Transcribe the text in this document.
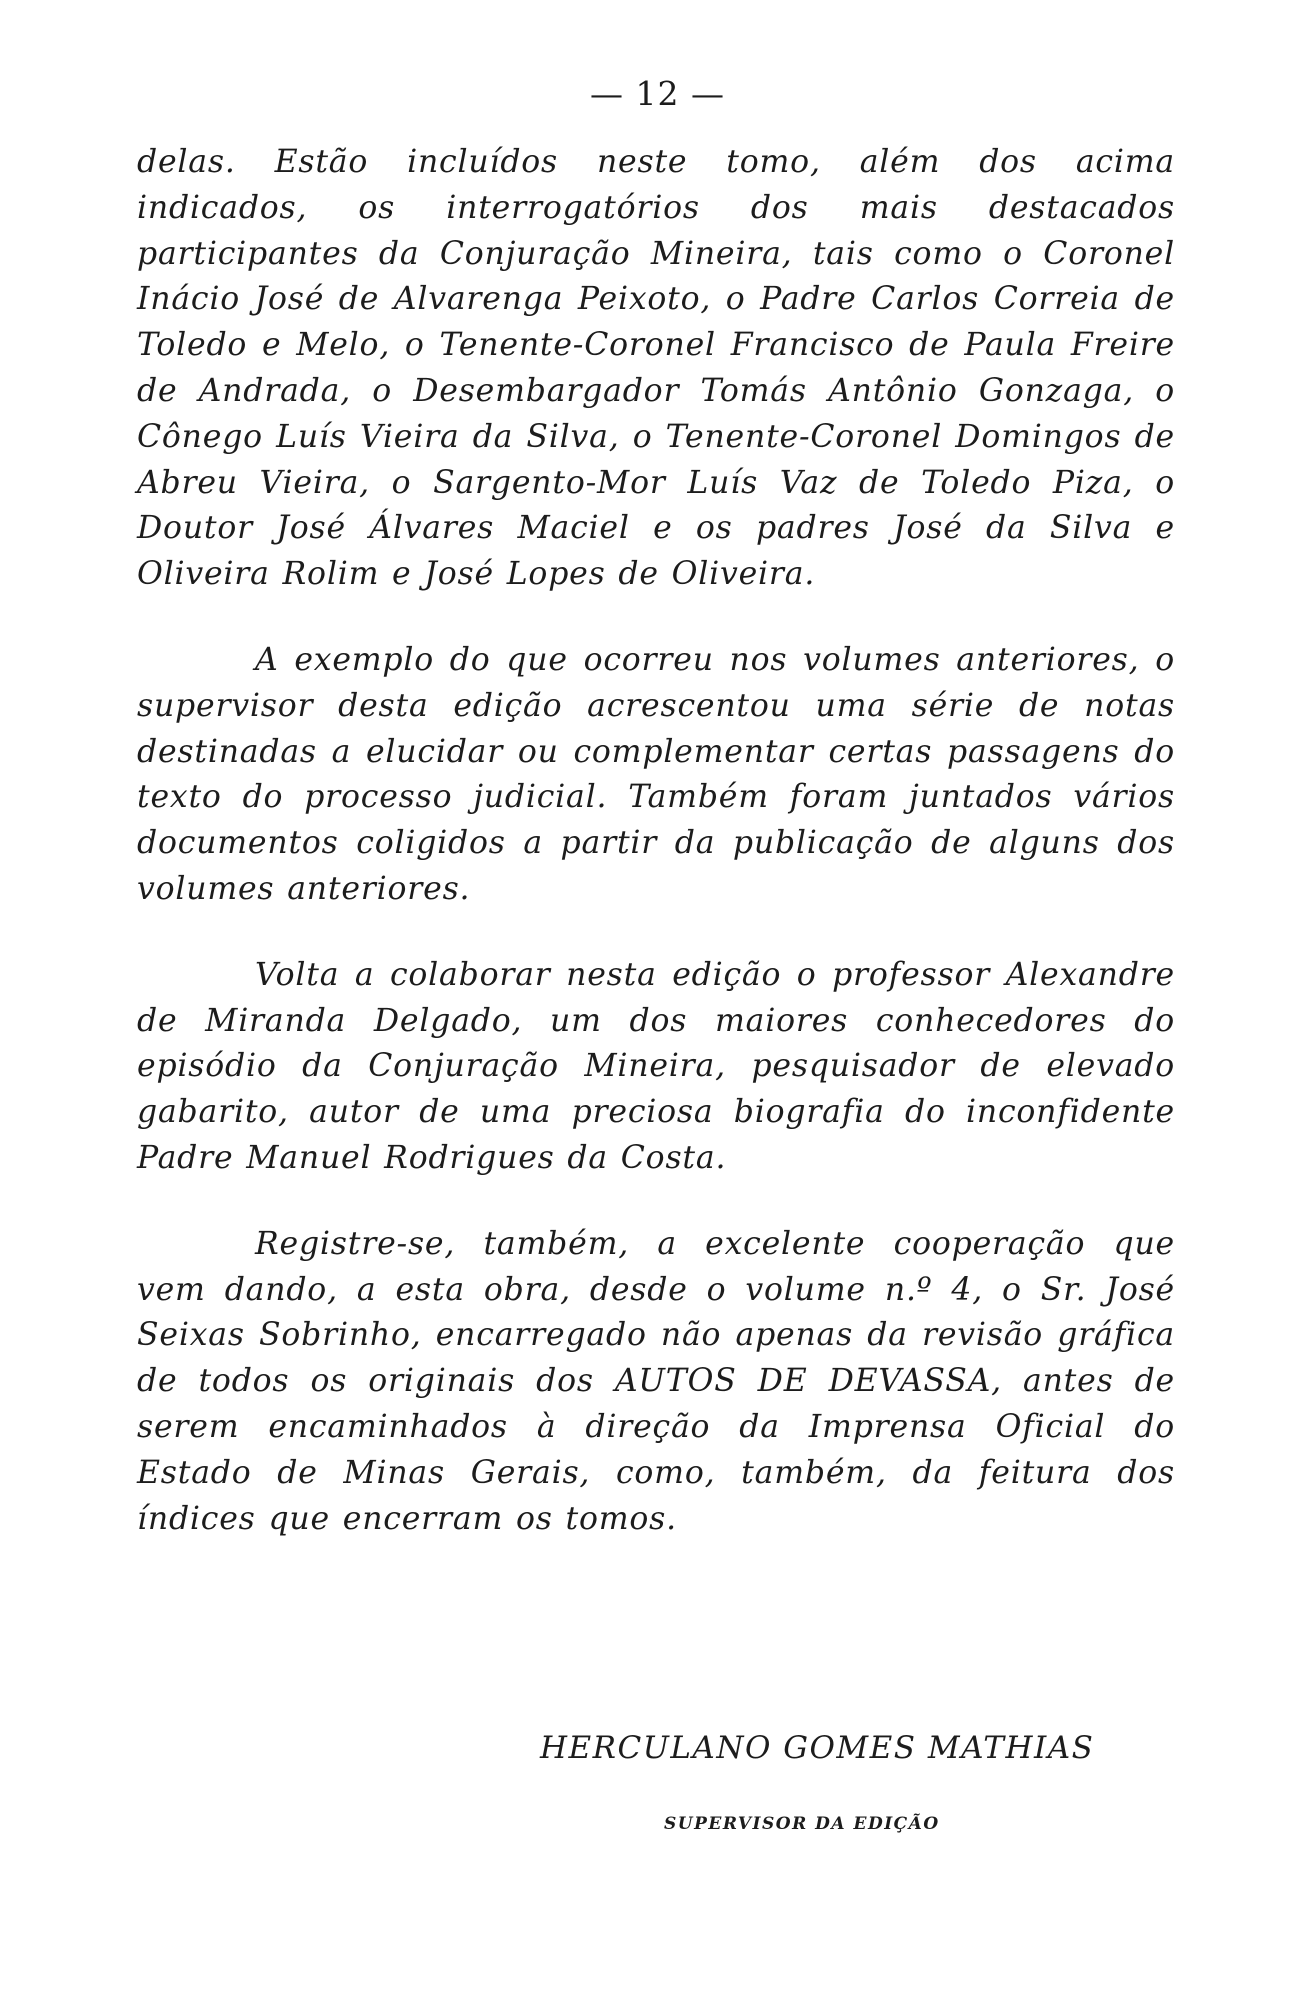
— 12 —

delas. Estão incluídos neste tomo, além dos acima indicados, os interrogatórios dos mais destacados participantes da Conjuração Mineira, tais como o Coronel Inácio José de Alvarenga Peixoto, o Padre Carlos Correia de Toledo e Melo, o Tenente-Coronel Francisco de Paula Freire de Andrada, o Desembargador Tomás Antônio Gonzaga, o Cônego Luís Vieira da Silva, o Tenente-Coronel Domingos de Abreu Vieira, o Sargento-Mor Luís Vaz de Toledo Piza, o Doutor José Álvares Maciel e os padres José da Silva e Oliveira Rolim e José Lopes de Oliveira.

A exemplo do que ocorreu nos volumes anteriores, o supervisor desta edição acrescentou uma série de notas destinadas a elucidar ou complementar certas passagens do texto do processo judicial. Também foram juntados vários documentos coligidos a partir da publicação de alguns dos volumes anteriores.

Volta a colaborar nesta edição o professor Alexandre de Miranda Delgado, um dos maiores conhecedores do episódio da Conjuração Mineira, pesquisador de elevado gabarito, autor de uma preciosa biografia do inconfidente Padre Manuel Rodrigues da Costa.

Registre-se, também, a excelente cooperação que vem dando, a esta obra, desde o volume n.º 4, o Sr. José Seixas Sobrinho, encarregado não apenas da revisão gráfica de todos os originais dos AUTOS DE DEVASSA, antes de serem encaminhados à direção da Imprensa Oficial do Estado de Minas Gerais, como, também, da feitura dos índices que encerram os tomos.

HERCULANO GOMES MATHIAS
SUPERVISOR DA EDIÇÃO
